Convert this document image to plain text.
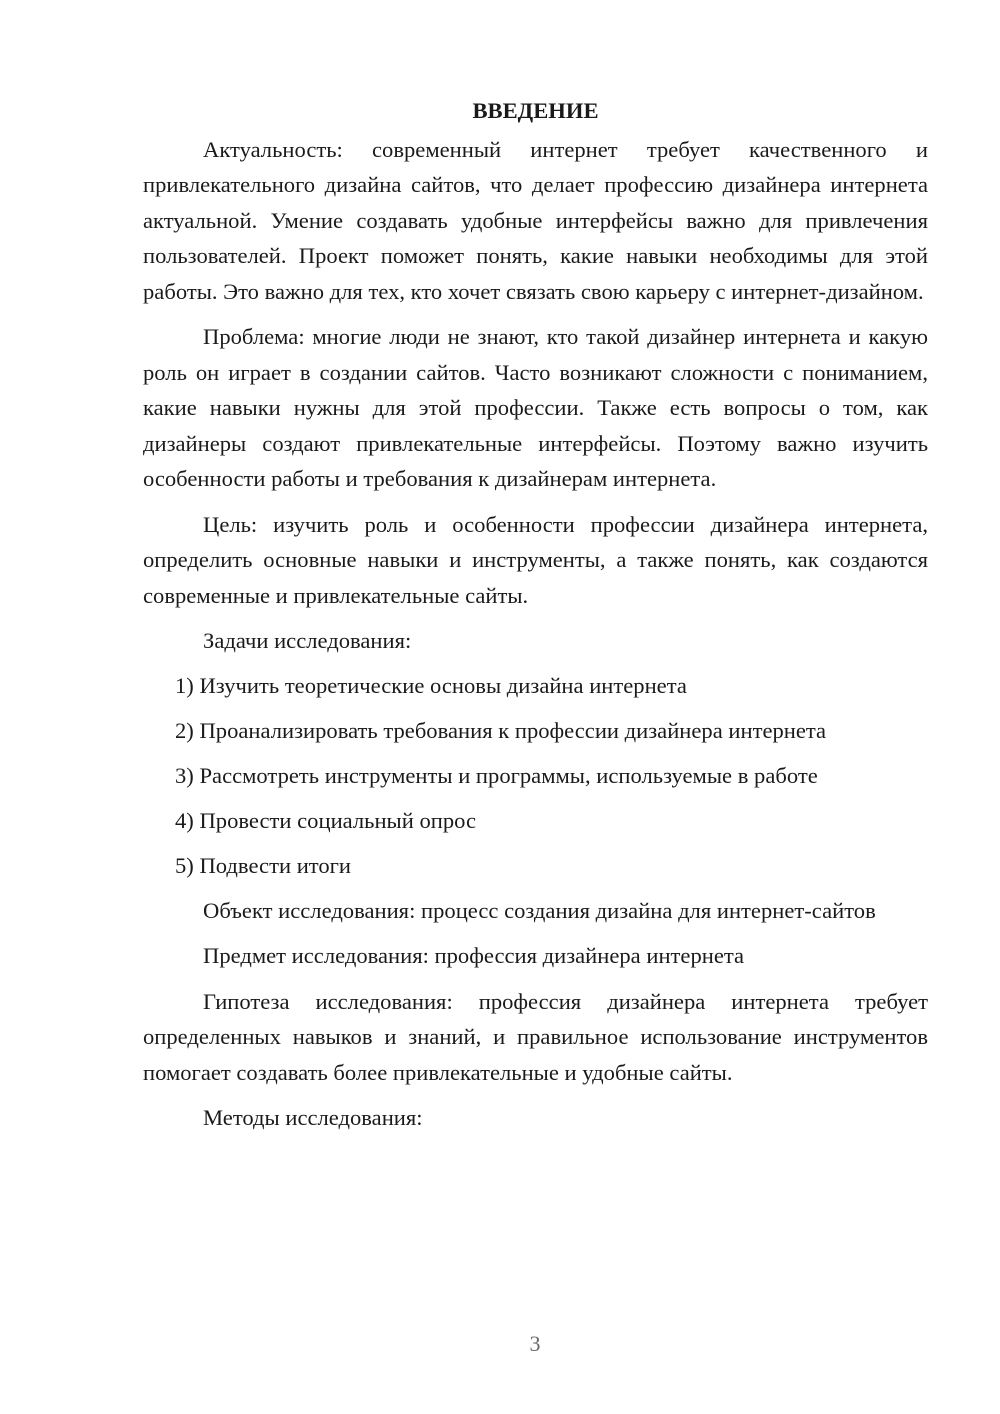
ВВЕДЕНИЕ

Актуальность: современный интернет требует качественного и привлекательного дизайна сайтов, что делает профессию дизайнера интернета актуальной. Умение создавать удобные интерфейсы важно для привлечения пользователей. Проект поможет понять, какие навыки необходимы для этой работы. Это важно для тех, кто хочет связать свою карьеру с интернет-дизайном.

Проблема: многие люди не знают, кто такой дизайнер интернета и какую роль он играет в создании сайтов. Часто возникают сложности с пониманием, какие навыки нужны для этой профессии. Также есть вопросы о том, как дизайнеры создают привлекательные интерфейсы. Поэтому важно изучить особенности работы и требования к дизайнерам интернета.

Цель: изучить роль и особенности профессии дизайнера интернета, определить основные навыки и инструменты, а также понять, как создаются современные и привлекательные сайты.

Задачи исследования:

1) Изучить теоретические основы дизайна интернета
2) Проанализировать требования к профессии дизайнера интернета
3) Рассмотреть инструменты и программы, используемые в работе
4) Провести социальный опрос
5) Подвести итоги

Объект исследования: процесс создания дизайна для интернет-сайтов

Предмет исследования: профессия дизайнера интернета

Гипотеза исследования: профессия дизайнера интернета требует определенных навыков и знаний, и правильное использование инструментов помогает создавать более привлекательные и удобные сайты.

Методы исследования:

3
